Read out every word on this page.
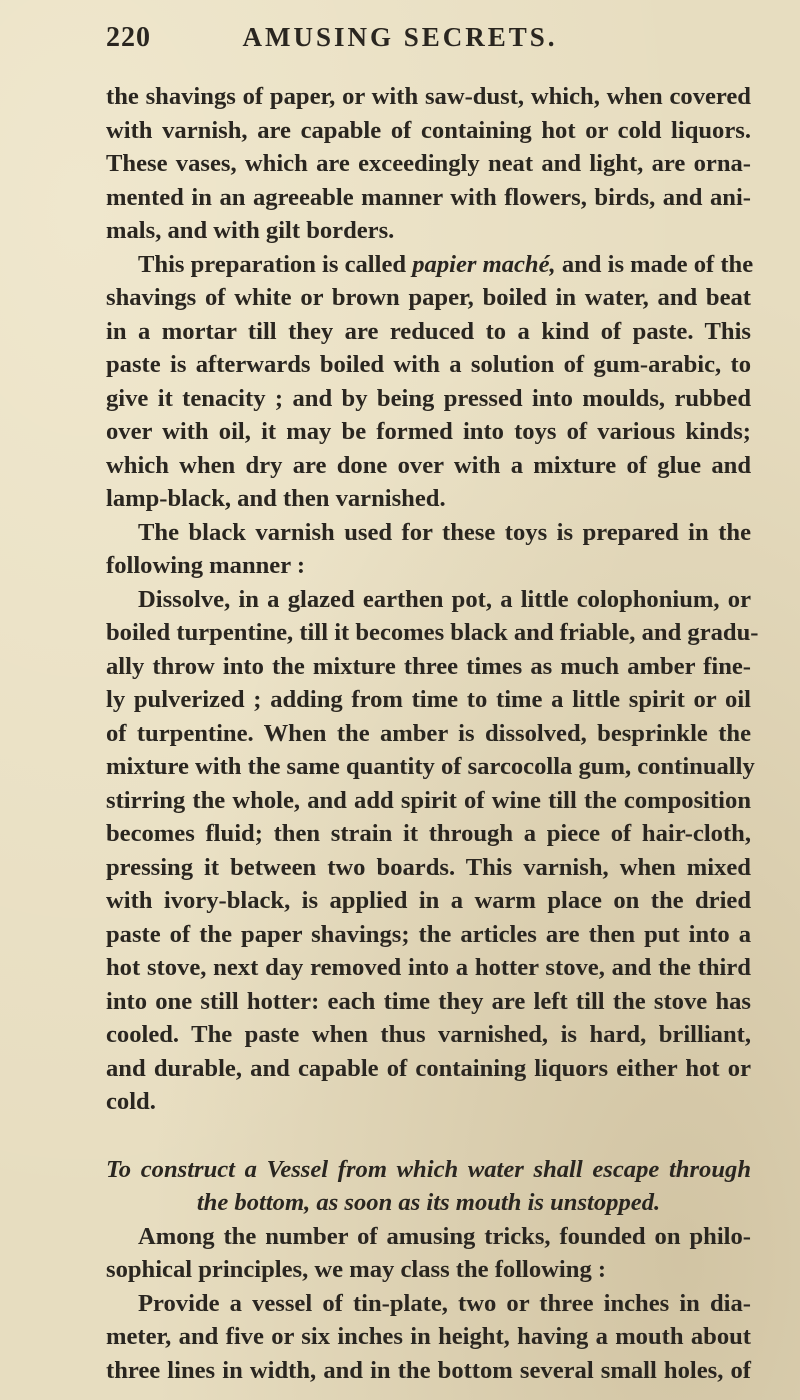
220	AMUSING SECRETS.
the shavings of paper, or with saw-dust, which, when covered
with varnish, are capable of containing hot or cold liquors.
These vases, which are exceedingly neat and light, are orna-
mented in an agreeable manner with flowers, birds, and ani-
mals, and with gilt borders.
This preparation is called papier maché, and is made of the
shavings of white or brown paper, boiled in water, and beat
in a mortar till they are reduced to a kind of paste. This
paste is afterwards boiled with a solution of gum-arabic, to
give it tenacity ; and by being pressed into moulds, rubbed
over with oil, it may be formed into toys of various kinds;
which when dry are done over with a mixture of glue and
lamp-black, and then varnished.
The black varnish used for these toys is prepared in the
following manner :
Dissolve, in a glazed earthen pot, a little colophonium, or
boiled turpentine, till it becomes black and friable, and gradu-
ally throw into the mixture three times as much amber fine-
ly pulverized ; adding from time to time a little spirit or oil
of turpentine. When the amber is dissolved, besprinkle the
mixture with the same quantity of sarcocolla gum, continually
stirring the whole, and add spirit of wine till the composition
becomes fluid; then strain it through a piece of hair-cloth,
pressing it between two boards. This varnish, when mixed
with ivory-black, is applied in a warm place on the dried
paste of the paper shavings; the articles are then put into a
hot stove, next day removed into a hotter stove, and the third
into one still hotter: each time they are left till the stove has
cooled. The paste when thus varnished, is hard, brilliant,
and durable, and capable of containing liquors either hot or
cold.
To construct a Vessel from which water shall escape through
the bottom, as soon as its mouth is unstopped.
Among the number of amusing tricks, founded on philo-
sophical principles, we may class the following :
Provide a vessel of tin-plate, two or three inches in dia-
meter, and five or six inches in height, having a mouth about
three lines in width, and in the bottom several small holes, of
